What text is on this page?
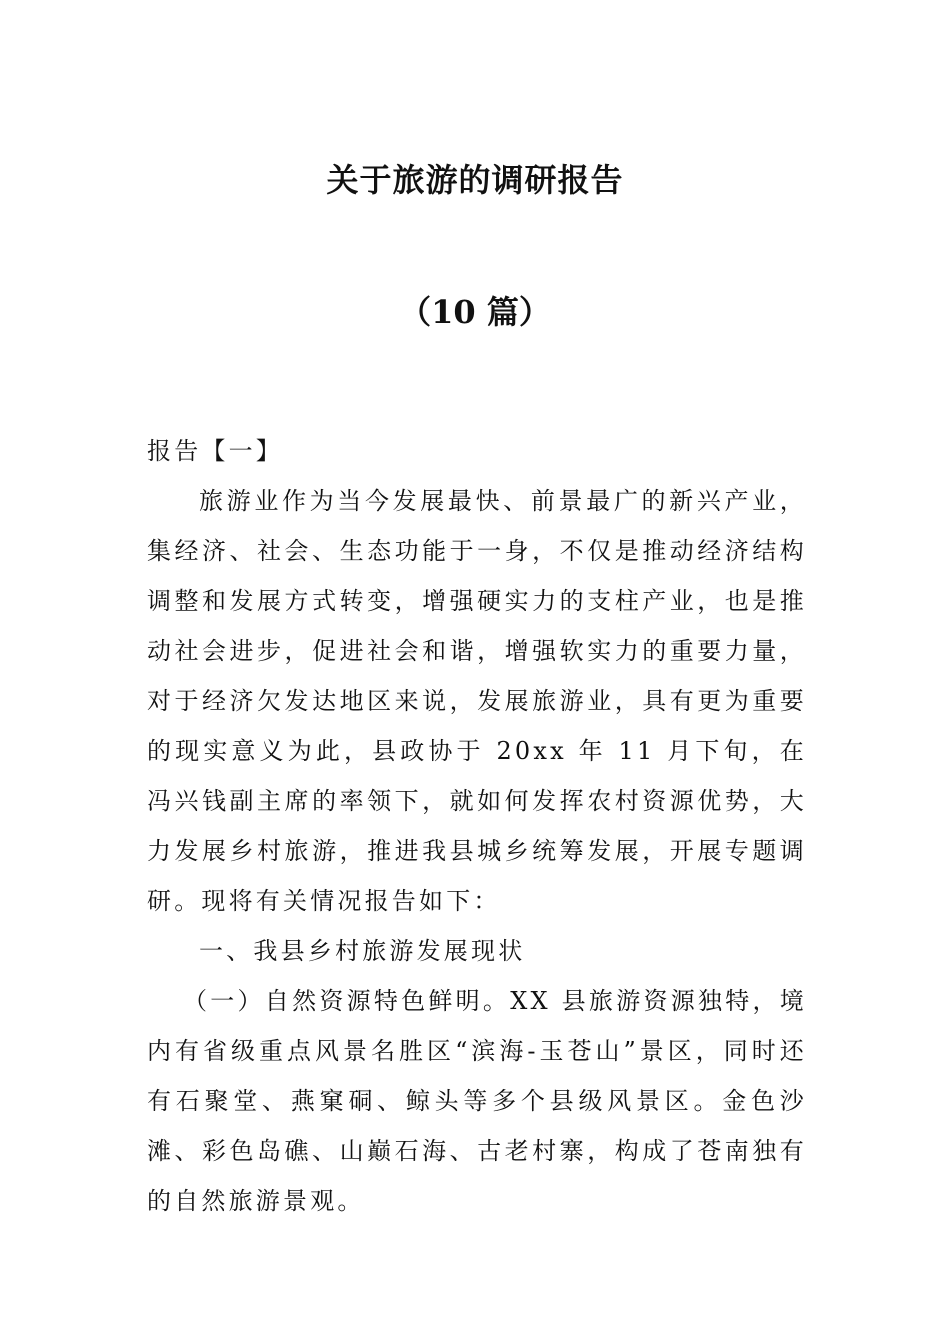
关于旅游的调研报告
（10 篇）

报告【一】

旅游业作为当今发展最快、前景最广的新兴产业，集经济、社会、生态功能于一身，不仅是推动经济结构调整和发展方式转变，增强硬实力的支柱产业，也是推动社会进步，促进社会和谐，增强软实力的重要力量，对于经济欠发达地区来说，发展旅游业，具有更为重要的现实意义为此，县政协于 20xx 年 11 月下旬，在冯兴钱副主席的率领下，就如何发挥农村资源优势，大力发展乡村旅游，推进我县城乡统筹发展，开展专题调研。现将有关情况报告如下：

一、我县乡村旅游发展现状

（一）自然资源特色鲜明。XX 县旅游资源独特，境内有省级重点风景名胜区“滨海-玉苍山”景区，同时还有石聚堂、燕窠硐、鲸头等多个县级风景区。金色沙滩、彩色岛礁、山巅石海、古老村寨，构成了苍南独有的自然旅游景观。
